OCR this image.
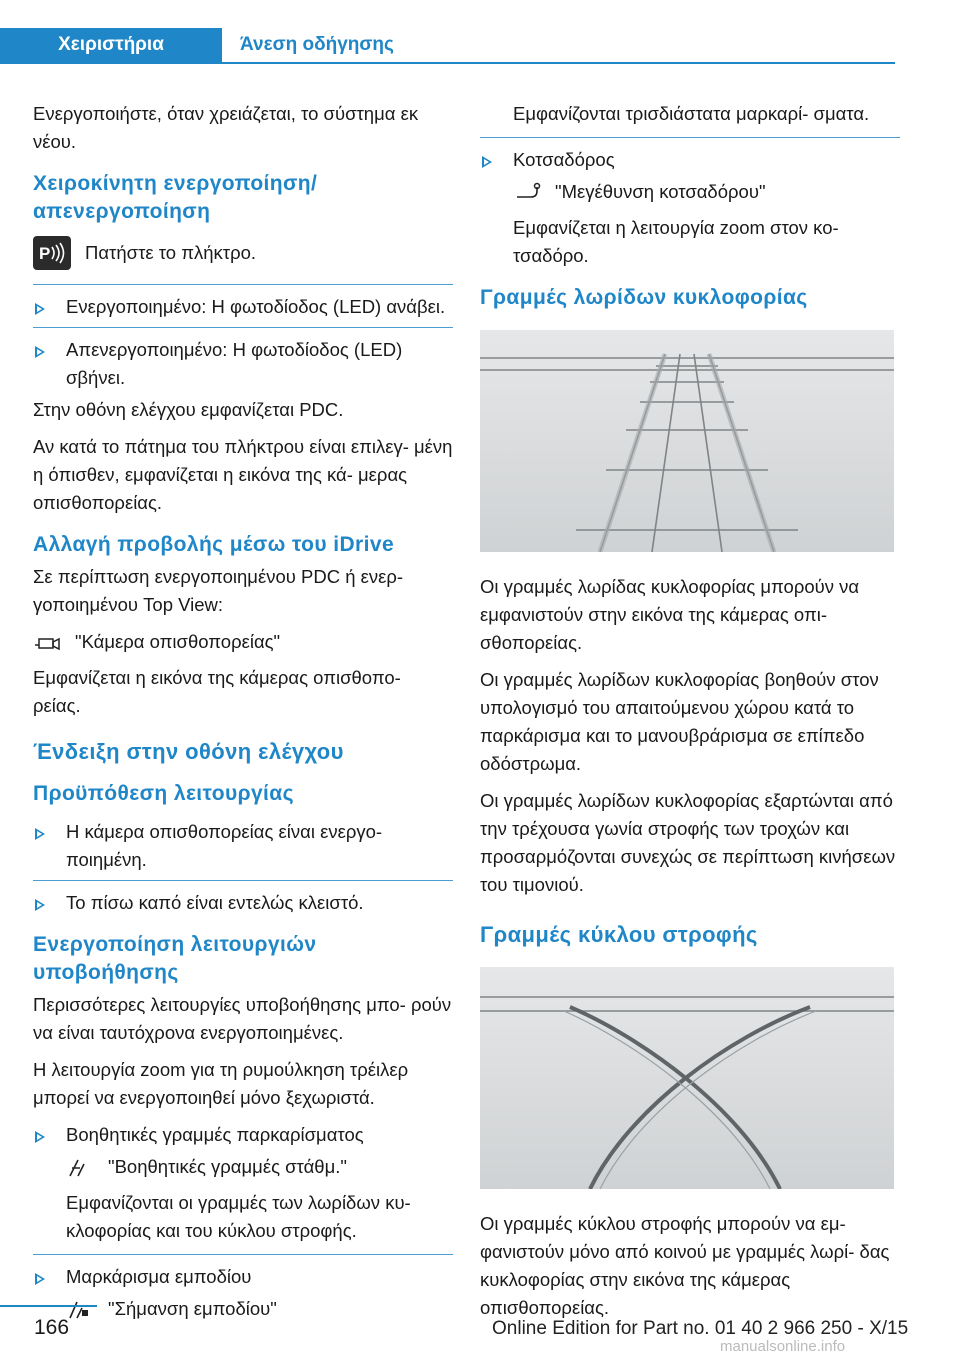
Χειριστήρια	Άνεση οδήγησης

Ενεργοποιήστε, όταν χρειάζεται, το σύστημα εκ νέου.

Χειροκίνητη ενεργοποίηση/ απενεργοποίηση
P Πατήστε το πλήκτρο.
Ενεργοποιημένο: Η φωτοδίοδος (LED) ανάβει.
Απενεργοποιημένο: Η φωτοδίοδος (LED) σβήνει.

Στην οθόνη ελέγχου εμφανίζεται PDC.

Αν κατά το πάτημα του πλήκτρου είναι επιλεγ- μένη η όπισθεν, εμφανίζεται η εικόνα της κά- μερας οπισθοπορείας.

Αλλαγή προβολής μέσω του iDrive

Σε περίπτωση ενεργοποιημένου PDC ή ενερ- γοποιημένου Top View:

"Κάμερα οπισθοπορείας"

Εμφανίζεται η εικόνα της κάμερας οπισθοπο- ρείας.

Ένδειξη στην οθόνη ελέγχου
Προϋπόθεση λειτουργίας
Η κάμερα οπισθοπορείας είναι ενεργο- ποιημένη.
Το πίσω καπό είναι εντελώς κλειστό.
Ενεργοποίηση λειτουργιών υποβοήθησης

Περισσότερες λειτουργίες υποβοήθησης μπο- ρούν να είναι ταυτόχρονα ενεργοποιημένες.

Η λειτουργία zoom για τη ρυμούλκηση τρέιλερ μπορεί να ενεργοποιηθεί μόνο ξεχωριστά.

Βοηθητικές γραμμές παρκαρίσματος
"Βοηθητικές γραμμές στάθμ."

Εμφανίζονται οι γραμμές των λωρίδων κυ- κλοφορίας και του κύκλου στροφής.

Μαρκάρισμα εμποδίου
"Σήμανση εμποδίου"

Εμφανίζονται τρισδιάστατα μαρκαρί- σματα.

Κοτσαδόρος
"Μεγέθυνση κοτσαδόρου"

Εμφανίζεται η λειτουργία zoom στον κο- τσαδόρο.

Γραμμές λωρίδων κυκλοφορίας

Οι γραμμές λωρίδας κυκλοφορίας μπορούν να εμφανιστούν στην εικόνα της κάμερας οπι- σθοπορείας.

Οι γραμμές λωρίδων κυκλοφορίας βοηθούν στον υπολογισμό του απαιτούμενου χώρου κατά το παρκάρισμα και το μανουβράρισμα σε επίπεδο οδόστρωμα.

Οι γραμμές λωρίδων κυκλοφορίας εξαρτώνται από την τρέχουσα γωνία στροφής των τροχών και προσαρμόζονται συνεχώς σε περίπτωση κινήσεων του τιμονιού.

Γραμμές κύκλου στροφής

Οι γραμμές κύκλου στροφής μπορούν να εμ- φανιστούν μόνο από κοινού με γραμμές λωρί- δας κυκλοφορίας στην εικόνα της κάμερας οπισθοπορείας.

166	Online Edition for Part no. 01 40 2 966 250 - X/15
manualsonline.info
